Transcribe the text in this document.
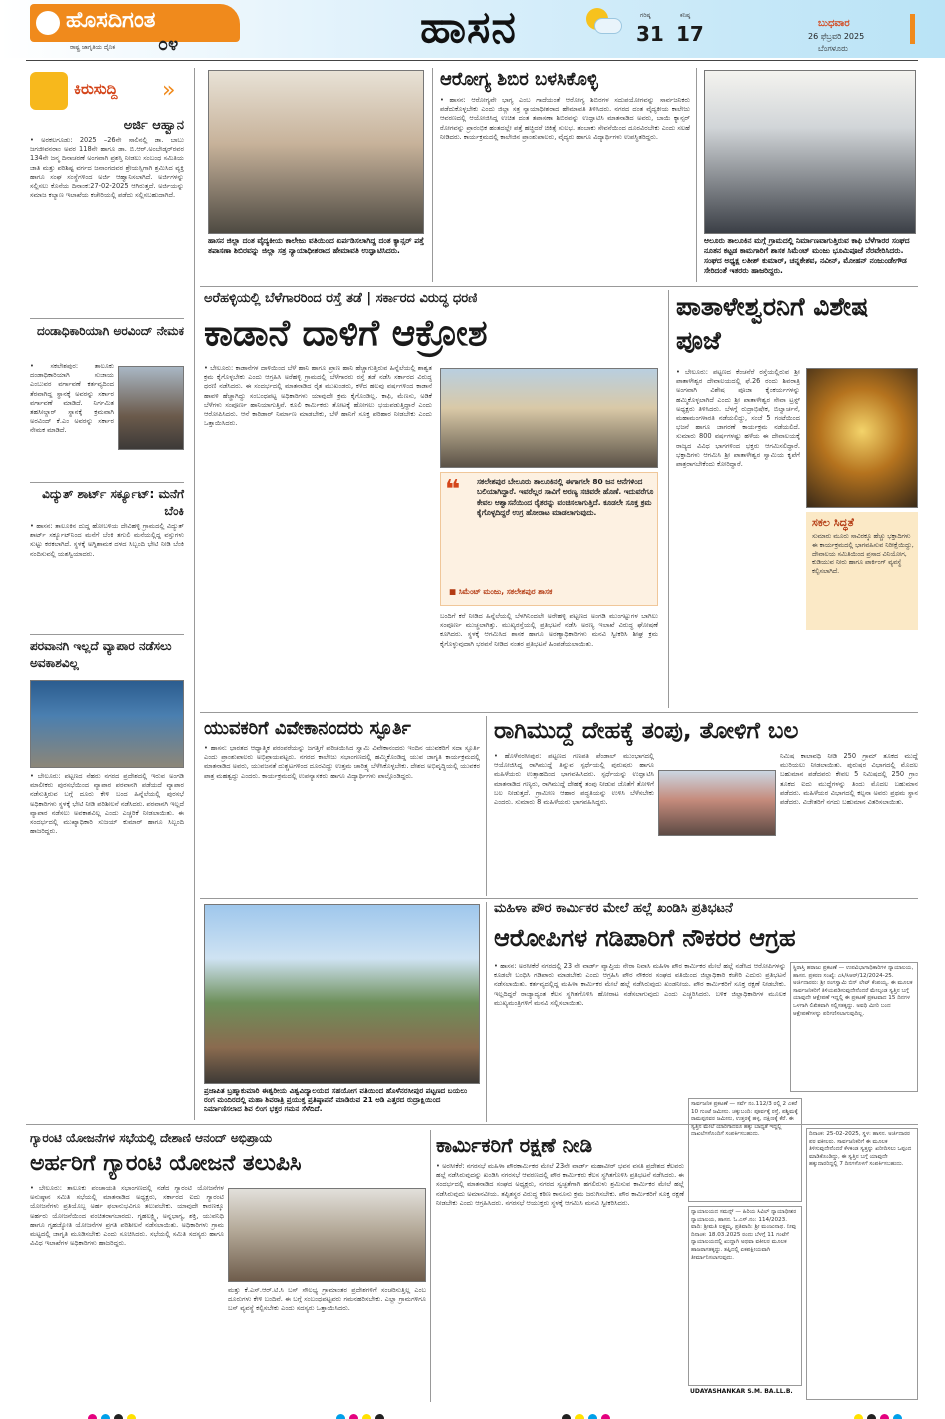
ಹೊಸದಿಗಂತ
ರಾಷ್ಟ್ರ ಜಾಗೃತಿಯ ದೈನಿಕ ೦೪	ಹಾಸನ	ಗರಿಷ್ಠ
31
ಕನಿಷ್ಠ
17	ಬುಧವಾರ
26 ಫೆಬ್ರವರಿ 2025
ಬೆಂಗಳೂರು
ಕಿರುಸುದ್ದಿ »
ಅರ್ಜಿ ಆಹ್ವಾನ
• ಅರಕಲಗೂಡು: 2025 –26ನೇ ಸಾಲಿನಲ್ಲಿ ಡಾ. ಬಾಬು ಜಗಜೀವನರಾಂ ಅವರ 118ನೇ ಹಾಗೂ ಡಾ. ಬಿ.ಆರ್.ಅಂಬೇಡ್ಕರ್‌ರವರ 134ನೇ ಜನ್ಮ ದಿನಾಚರಣೆ ಅಂಗವಾಗಿ ಪ್ರಶಸ್ತಿ ನೀಡಲು ಸಂಬಂಧ ಸಮಿತಿಯ ಜಾತಿ ಮತ್ತು ಪರಿಶಿಷ್ಟ ವರ್ಗದ ಜನಾಂಗದವರ ಶ್ರೇಯಸ್ಸಿಗಾಗಿ ಶ್ರಮಿಸಿದ ವ್ಯಕ್ತಿ ಹಾಗೂ ಸಂಘ ಸಂಸ್ಥೆಗಳಿಂದ ಅರ್ಜಿ ಆಹ್ವಾನಿಸಲಾಗಿದೆ. ಅರ್ಜಿಗಳನ್ನು ಸಲ್ಲಿಸಲು ಕೊನೆಯ ದಿನಾಂಕ:27-02-2025 ಆಗಿರುತ್ತದೆ. ಅರ್ಜಿಯನ್ನು ಸಮಾಜ ಕಲ್ಯಾಣ ಇಲಾಖೆಯ ಕಚೇರಿಯಲ್ಲಿ ಪಡೆದು ಸಲ್ಲಿಸಬಹುದಾಗಿದೆ.
ದಂಡಾಧಿಕಾರಿಯಾಗಿ ಅರವಿಂದ್ ನೇಮಕ
• ಸಕಲೇಶಪುರ: ತಾಲೂಕು ದಂಡಾಧಿಕಾರಿಯಾಗಿ ಸುಜಾಯ ಎಂಬುವರ ವರ್ಗಾವಣೆ ಕರ್ತವ್ಯದಿಂದ ತೆರವಾಗಿದ್ದ ಸ್ಥಾನಕ್ಕೆ ಅವರನ್ನು ಸರ್ಕಾರ ವರ್ಗಾವಣೆ ಮಾಡಿದೆ. ನಿರ್ಗಮಿತ ತಹಸೀಲ್ದಾರ್ ಸ್ಥಾನಕ್ಕೆ ಕ್ರಮವಾಗಿ ಅರವಿಂದ್ ಕೆ.ಎಂ ಅವರನ್ನು ಸರ್ಕಾರ ನೇಮಕ ಮಾಡಿದೆ.
ವಿದ್ಯುತ್ ಶಾರ್ಟ್ ಸರ್ಕ್ಯೂಟ್: ಮನೆಗೆ ಬೆಂಕಿ
• ಹಾಸನ: ತಾಲೂಕಿನ ದುದ್ದ ಹೋಬಳಿಯ ದೇವಿಹಳ್ಳಿ ಗ್ರಾಮದಲ್ಲಿ ವಿದ್ಯುತ್ ಶಾರ್ಟ್ ಸರ್ಕ್ಯೂಟ್‌ನಿಂದ ಮನೆಗೆ ಬೆಂಕಿ ತಗುಲಿ ಮನೆಯಲ್ಲಿದ್ದ ವಸ್ತುಗಳು ಸುಟ್ಟು ಕರಕಲಾಗಿದೆ. ಸ್ಥಳಕ್ಕೆ ಅಗ್ನಿಶಾಮಕ ದಳದ ಸಿಬ್ಬಂದಿ ಭೇಟಿ ನೀಡಿ ಬೆಂಕಿ ನಂದಿಸುವಲ್ಲಿ ಯಶಸ್ವಿಯಾದರು.
ಪರವಾನಗಿ ಇಲ್ಲದೆ ವ್ಯಾಪಾರ ನಡೆಸಲು ಅವಕಾಶವಿಲ್ಲ
• ಬೇಲೂರು: ಪಟ್ಟಣದ ನೆಹರು ನಗರದ ಪ್ರದೇಶದಲ್ಲಿ ಇರುವ ಅಂಗಡಿ ಮಾಲೀಕರು ಪುರಸಭೆಯಿಂದ ವ್ಯಾಪಾರ ಪರವಾನಗಿ ಪಡೆಯದೆ ವ್ಯಾಪಾರ ನಡೆಸುತ್ತಿರುವ ಬಗ್ಗೆ ದೂರು ಕೇಳಿ ಬಂದ ಹಿನ್ನೆಲೆಯಲ್ಲಿ ಪುರಸಭೆ ಅಧಿಕಾರಿಗಳು ಸ್ಥಳಕ್ಕೆ ಭೇಟಿ ನೀಡಿ ಪರಿಶೀಲನೆ ನಡೆಸಿದರು. ಪರವಾನಗಿ ಇಲ್ಲದೆ ವ್ಯಾಪಾರ ನಡೆಸಲು ಅವಕಾಶವಿಲ್ಲ ಎಂದು ಎಚ್ಚರಿಕೆ ನೀಡಲಾಯಿತು. ಈ ಸಂದರ್ಭದಲ್ಲಿ ಮುಖ್ಯಾಧಿಕಾರಿ ಸುಜಯ್ ಕುಮಾರ್ ಹಾಗೂ ಸಿಬ್ಬಂದಿ ಹಾಜರಿದ್ದರು.
ಹಾಸನ ಜಿಲ್ಲಾ ದಂತ ವೈದ್ಯಕೀಯ ಕಾಲೇಜು ವತಿಯಿಂದ ಏರ್ಪಡಿಸಲಾಗಿದ್ದ ದಂತ ಕ್ಯಾನ್ಸರ್ ಪತ್ತೆ ತಪಾಸಣಾ ಶಿಬಿರವನ್ನು ಜಿಲ್ಲಾ ಸತ್ರ ನ್ಯಾಯಾಧೀಶರಾದ ಹೇಮಾವತಿ ಉದ್ಘಾಟಿಸಿದರು.
ಆರೋಗ್ಯ ಶಿಬಿರ ಬಳಸಿಕೊಳ್ಳಿ
• ಹಾಸನ: ಆರೋಗ್ಯವೇ ಭಾಗ್ಯ ಎಂಬ ಗಾದೆಯಂತೆ ಆರೋಗ್ಯ ಶಿಬಿರಗಳ ಸದುಪಯೋಗವನ್ನು ಸಾರ್ವಜನಿಕರು ಪಡೆದುಕೊಳ್ಳಬೇಕು ಎಂದು ಜಿಲ್ಲಾ ಸತ್ರ ನ್ಯಾಯಾಧೀಶರಾದ ಹೇಮಾವತಿ ತಿಳಿಸಿದರು. ನಗರದ ದಂತ ವೈದ್ಯಕೀಯ ಕಾಲೇಜು ಆವರಣದಲ್ಲಿ ಆಯೋಜಿಸಿದ್ದ ಉಚಿತ ದಂತ ತಪಾಸಣಾ ಶಿಬಿರವನ್ನು ಉದ್ಘಾಟಿಸಿ ಮಾತನಾಡಿದ ಅವರು, ಬಾಯಿ ಕ್ಯಾನ್ಸರ್ ರೋಗವನ್ನು ಪ್ರಾರಂಭಿಕ ಹಂತದಲ್ಲೇ ಪತ್ತೆ ಹಚ್ಚಿದರೆ ಚಿಕಿತ್ಸೆ ಸುಲಭ. ತಂಬಾಕು ಸೇವನೆಯಿಂದ ದೂರವಿರಬೇಕು ಎಂದು ಸಲಹೆ ನೀಡಿದರು. ಕಾರ್ಯಕ್ರಮದಲ್ಲಿ ಕಾಲೇಜಿನ ಪ್ರಾಂಶುಪಾಲರು, ವೈದ್ಯರು ಹಾಗೂ ವಿದ್ಯಾರ್ಥಿಗಳು ಉಪಸ್ಥಿತರಿದ್ದರು.
ಆಲೂರು ತಾಲೂಕಿನ ಮಗ್ಗೆ ಗ್ರಾಮದಲ್ಲಿ ನಿರ್ಮಾಣವಾಗುತ್ತಿರುವ ಕಾಫಿ ಬೆಳೆಗಾರರ ಸಂಘದ ನೂತನ ಕಟ್ಟಡ ಕಾಮಗಾರಿಗೆ ಶಾಸಕ ಸಿಮೆಂಟ್ ಮಂಜು ಭೂಮಿಪೂಜೆ ನೆರವೇರಿಸಿದರು. ಸಂಘದ ಅಧ್ಯಕ್ಷ ಲತೀಶ್ ಕುಮಾರ್, ಚನ್ನಕೇಶವ, ನವೀನ್, ಮೋಹನ್ ನಂಜುಂಡೇಗೌಡ ಸೇರಿದಂತೆ ಇತರರು ಹಾಜರಿದ್ದರು.
ಅರೆಹಳ್ಳಿಯಲ್ಲಿ ಬೆಳೆಗಾರರಿಂದ ರಸ್ತೆ ತಡೆ | ಸರ್ಕಾರದ ವಿರುದ್ಧ ಧರಣಿ
ಕಾಡಾನೆ ದಾಳಿಗೆ ಆಕ್ರೋಶ
• ಬೇಲೂರು: ಕಾಡಾನೆಗಳ ದಾಳಿಯಿಂದ ಬೆಳೆ ಹಾನಿ ಹಾಗೂ ಪ್ರಾಣ ಹಾನಿ ಹೆಚ್ಚಾಗುತ್ತಿರುವ ಹಿನ್ನೆಲೆಯಲ್ಲಿ ಶಾಶ್ವತ ಕ್ರಮ ಕೈಗೊಳ್ಳಬೇಕು ಎಂದು ಆಗ್ರಹಿಸಿ ಅರೆಹಳ್ಳಿ ಗ್ರಾಮದಲ್ಲಿ ಬೆಳೆಗಾರರು ರಸ್ತೆ ತಡೆ ನಡೆಸಿ ಸರ್ಕಾರದ ವಿರುದ್ಧ ಧರಣಿ ನಡೆಸಿದರು. ಈ ಸಂದರ್ಭದಲ್ಲಿ ಮಾತನಾಡಿದ ರೈತ ಮುಖಂಡರು, ಕಳೆದ ಹಲವು ವರ್ಷಗಳಿಂದ ಕಾಡಾನೆ ಹಾವಳಿ ಹೆಚ್ಚಾಗಿದ್ದು ಸಂಬಂಧಪಟ್ಟ ಅಧಿಕಾರಿಗಳು ಯಾವುದೇ ಕ್ರಮ ಕೈಗೊಂಡಿಲ್ಲ. ಕಾಫಿ, ಮೆಣಸು, ಅಡಿಕೆ ಬೆಳೆಗಳು ಸಂಪೂರ್ಣ ಹಾನಿಯಾಗುತ್ತಿವೆ. ಕೂಲಿ ಕಾರ್ಮಿಕರು ತೋಟಕ್ಕೆ ಹೋಗಲು ಭಯಪಡುತ್ತಿದ್ದಾರೆ ಎಂದು ಆರೋಪಿಸಿದರು. ಆನೆ ಕಾರಿಡಾರ್ ನಿರ್ಮಾಣ ಮಾಡಬೇಕು, ಬೆಳೆ ಹಾನಿಗೆ ಸೂಕ್ತ ಪರಿಹಾರ ನೀಡಬೇಕು ಎಂದು ಒತ್ತಾಯಿಸಿದರು.
❝ ಸಕಲೇಶಪುರ ಬೇಲೂರು ತಾಲೂಕಿನಲ್ಲಿ ಈಗಾಗಲೇ 80 ಜನ ಆನೆಗಳಿಂದ ಬಲಿಯಾಗಿದ್ದಾರೆ. ಇವರೆಲ್ಲರ ಸಾವಿಗೆ ಅರಣ್ಯ ಸಚಿವರೇ ಹೊಣೆ. ಇದುವರೆಗೂ ಕೇವಲ ಆಶ್ವಾಸನೆಯಿಂದ ರೈತರನ್ನು ವಂಚಿಸಲಾಗುತ್ತಿದೆ. ಕೂಡಲೇ ಸೂಕ್ತ ಕ್ರಮ ಕೈಗೊಳ್ಳದಿದ್ದರೆ ಉಗ್ರ ಹೋರಾಟ ಮಾಡಲಾಗುವುದು.
■ ಸಿಮೆಂಟ್ ಮಂಜು, ಸಕಲೇಶಪುರ ಶಾಸಕ
ಬಂದಿಗೆ ಕರೆ ನೀಡಿದ ಹಿನ್ನೆಲೆಯಲ್ಲಿ ಬೆಳಗಿನಿಂದಲೇ ಅರೇಹಳ್ಳಿ ಪಟ್ಟಣದ ಅಂಗಡಿ ಮುಂಗಟ್ಟುಗಳ ಬಾಗಿಲು ಸಂಪೂರ್ಣ ಮುಚ್ಚಲಾಗಿತ್ತು. ಮುಖ್ಯರಸ್ತೆಯಲ್ಲಿ ಪ್ರತಿಭಟನೆ ನಡೆಸಿ ಅರಣ್ಯ ಇಲಾಖೆ ವಿರುದ್ಧ ಘೋಷಣೆ ಕೂಗಿದರು. ಸ್ಥಳಕ್ಕೆ ಆಗಮಿಸಿದ ಶಾಸಕ ಹಾಗೂ ಅರಣ್ಯಾಧಿಕಾರಿಗಳು ಮನವಿ ಸ್ವೀಕರಿಸಿ ಶೀಘ್ರ ಕ್ರಮ ಕೈಗೊಳ್ಳುವುದಾಗಿ ಭರವಸೆ ನೀಡಿದ ನಂತರ ಪ್ರತಿಭಟನೆ ಹಿಂಪಡೆಯಲಾಯಿತು.
ಪಾತಾಳೇಶ್ವರನಿಗೆ ವಿಶೇಷ ಪೂಜೆ
• ಬೇಲೂರು: ಪಟ್ಟಣದ ಕೆಂಚನೆರೆ ರಸ್ತೆಯಲ್ಲಿರುವ ಶ್ರೀ ಪಾತಾಳೇಶ್ವರ ದೇವಾಲಯದಲ್ಲಿ ಫೆ.26 ರಂದು ಶಿವರಾತ್ರಿ ಅಂಗವಾಗಿ ವಿಶೇಷ ಪೂಜಾ ಕೈಂಕರ್ಯಗಳನ್ನು ಹಮ್ಮಿಕೊಳ್ಳಲಾಗಿದೆ ಎಂದು ಶ್ರೀ ಪಾತಾಳೇಶ್ವರ ಸೇವಾ ಟ್ರಸ್ಟ್ ಅಧ್ಯಕ್ಷರು ತಿಳಿಸಿದರು. ಬೆಳಗ್ಗೆ ರುದ್ರಾಭಿಷೇಕ, ಬಿಲ್ವಾರ್ಚನೆ, ಮಹಾಮಂಗಳಾರತಿ ನಡೆಯಲಿದ್ದು, ಸಂಜೆ 5 ಗಂಟೆಯಿಂದ ಭಜನೆ ಹಾಗೂ ಜಾಗರಣೆ ಕಾರ್ಯಕ್ರಮ ನಡೆಯಲಿದೆ. ಸುಮಾರು 800 ವರ್ಷಗಳಷ್ಟು ಹಳೆಯ ಈ ದೇವಾಲಯಕ್ಕೆ ರಾಜ್ಯದ ವಿವಿಧ ಭಾಗಗಳಿಂದ ಭಕ್ತರು ಆಗಮಿಸಲಿದ್ದಾರೆ. ಭಕ್ತಾದಿಗಳು ಆಗಮಿಸಿ ಶ್ರೀ ಪಾತಾಳೇಶ್ವರ ಸ್ವಾಮಿಯ ಕೃಪೆಗೆ ಪಾತ್ರರಾಗಬೇಕೆಂದು ಕೋರಿದ್ದಾರೆ.
ಸಕಲ ಸಿದ್ಧತೆ
ಸುಮಾರು ಮೂರು ಸಾವಿರಕ್ಕೂ ಹೆಚ್ಚು ಭಕ್ತಾದಿಗಳು ಈ ಕಾರ್ಯಕ್ರಮದಲ್ಲಿ ಭಾಗವಹಿಸುವ ನಿರೀಕ್ಷೆಯಿದ್ದು, ದೇವಾಲಯ ಸಮಿತಿಯಿಂದ ಪ್ರಸಾದ ವಿನಿಯೋಗ, ಕುಡಿಯುವ ನೀರು ಹಾಗೂ ಪಾರ್ಕಿಂಗ್ ವ್ಯವಸ್ಥೆ ಕಲ್ಪಿಸಲಾಗಿದೆ.
ಯುವಕರಿಗೆ ವಿವೇಕಾನಂದರು ಸ್ಫೂರ್ತಿ
• ಹಾಸನ: ಭಾರತದ ಆಧ್ಯಾತ್ಮಿಕ ಪರಂಪರೆಯನ್ನು ಜಗತ್ತಿಗೆ ಪರಿಚಯಿಸಿದ ಸ್ವಾಮಿ ವಿವೇಕಾನಂದರು ಇಂದಿನ ಯುವಕರಿಗೆ ಸದಾ ಸ್ಫೂರ್ತಿ ಎಂದು ಪ್ರಾಂಶುಪಾಲರು ಅಭಿಪ್ರಾಯಪಟ್ಟರು. ನಗರದ ಕಾಲೇಜು ಸಭಾಂಗಣದಲ್ಲಿ ಹಮ್ಮಿಕೊಂಡಿದ್ದ ಯುವ ಜಾಗೃತಿ ಕಾರ್ಯಕ್ರಮದಲ್ಲಿ ಮಾತನಾಡಿದ ಅವರು, ಯುವಜನತೆ ದುಶ್ಚಟಗಳಿಂದ ದೂರವಿದ್ದು ಉತ್ತಮ ಚಾರಿತ್ರ್ಯ ಬೆಳೆಸಿಕೊಳ್ಳಬೇಕು. ದೇಶದ ಅಭಿವೃದ್ಧಿಯಲ್ಲಿ ಯುವಕರ ಪಾತ್ರ ಮಹತ್ವದ್ದು ಎಂದರು. ಕಾರ್ಯಕ್ರಮದಲ್ಲಿ ಉಪನ್ಯಾಸಕರು ಹಾಗೂ ವಿದ್ಯಾರ್ಥಿಗಳು ಪಾಲ್ಗೊಂಡಿದ್ದರು.
ರಾಗಿಮುದ್ದೆ ದೇಹಕ್ಕೆ ತಂಪು, ತೋಳಿಗೆ ಬಲ
• ಹೊಳೆನರಸೀಪುರ: ಪಟ್ಟಣದ ಗಣಪತಿ ಪೆಂಡಾಲ್ ಮುಂಭಾಗದಲ್ಲಿ ಆಯೋಜಿಸಿದ್ದ ರಾಗಿಮುದ್ದೆ ತಿನ್ನುವ ಸ್ಪರ್ಧೆಯಲ್ಲಿ ಪುರುಷರು ಹಾಗೂ ಮಹಿಳೆಯರು ಉತ್ಸಾಹದಿಂದ ಭಾಗವಹಿಸಿದರು. ಸ್ಪರ್ಧೆಯನ್ನು ಉದ್ಘಾಟಿಸಿ ಮಾತನಾಡಿದ ಗಣ್ಯರು, ರಾಗಿಮುದ್ದೆ ದೇಹಕ್ಕೆ ತಂಪು ನೀಡುವ ಜೊತೆಗೆ ತೋಳಿಗೆ ಬಲ ನೀಡುತ್ತದೆ. ಗ್ರಾಮೀಣ ಆಹಾರ ಪದ್ಧತಿಯನ್ನು ಉಳಿಸಿ ಬೆಳೆಸಬೇಕು ಎಂದರು. ಸುಮಾರು 8 ಮಹಿಳೆಯರು ಭಾಗವಹಿಸಿದ್ದರು.
ನಿಮಿಷ ಕಾಲಾವಧಿ ನೀಡಿ 250 ಗ್ರಾಮ್ ತೂಕದ ಮುದ್ದೆ ಮುರಿಯಲು ನೀಡಲಾಯಿತು. ಪುರುಷರ ವಿಭಾಗದಲ್ಲಿ ಮೊದಲ ಬಹುಮಾನ ಪಡೆದವರು ಕೇವಲ 5 ನಿಮಿಷದಲ್ಲಿ 250 ಗ್ರಾಂ ತೂಕದ ಐದು ಮುದ್ದೆಗಳನ್ನು ತಿಂದು ಮೊದಲ ಬಹುಮಾನ ಪಡೆದರು. ಮಹಿಳೆಯರ ವಿಭಾಗದಲ್ಲಿ ಕಲ್ಪನಾ ಅವರು ಪ್ರಥಮ ಸ್ಥಾನ ಪಡೆದರು. ವಿಜೇತರಿಗೆ ನಗದು ಬಹುಮಾನ ವಿತರಿಸಲಾಯಿತು.
ಪ್ರಜಾಪಿತ ಬ್ರಹ್ಮಾಕುಮಾರಿ ಈಶ್ವರೀಯ ವಿಶ್ವವಿದ್ಯಾಲಯದ ಸಹಯೋಗ ವತಿಯಿಂದ ಹೊಳೆನರಸೀಪುರ ಪಟ್ಟಣದ ಬಯಲು ರಂಗ ಮಂದಿರದಲ್ಲಿ ಮಹಾ ಶಿವರಾತ್ರಿ ಪ್ರಯುಕ್ತ ಪ್ರತಿಷ್ಠಾಪನೆ ಮಾಡಿರುವ 21 ಅಡಿ ಎತ್ತರದ ರುದ್ರಾಕ್ಷಿಯಿಂದ ನಿರ್ಮಾಣಿಸಲಾದ ಶಿವ ಲಿಂಗ ಭಕ್ತರ ಗಮನ ಸೆಳೆದಿದೆ.
ಮಹಿಳಾ ಪೌರ ಕಾರ್ಮಿಕರ ಮೇಲೆ ಹಲ್ಲೆ ಖಂಡಿಸಿ ಪ್ರತಿಭಟನೆ
ಆರೋಪಿಗಳ ಗಡಿಪಾರಿಗೆ ನೌಕರರ ಆಗ್ರಹ
• ಹಾಸನ: ಅರಸೀಕೆರೆ ನಗರದಲ್ಲಿ 23 ನೇ ವಾರ್ಡ್ ವ್ಯಾಪ್ತಿಯ ನೇರಾ ನಿವಾಸಿ ಮಹಿಳಾ ಪೌರ ಕಾರ್ಮಿಕರ ಮೇಲೆ ಹಲ್ಲೆ ನಡೆಸಿದ ಆರೋಪಿಗಳನ್ನು ಕೂಡಲೇ ಬಂಧಿಸಿ ಗಡಿಪಾರು ಮಾಡಬೇಕು ಎಂದು ಆಗ್ರಹಿಸಿ ಪೌರ ನೌಕರರ ಸಂಘದ ವತಿಯಿಂದ ಜಿಲ್ಲಾಧಿಕಾರಿ ಕಚೇರಿ ಎದುರು ಪ್ರತಿಭಟನೆ ನಡೆಸಲಾಯಿತು. ಕರ್ತವ್ಯದಲ್ಲಿದ್ದ ಮಹಿಳಾ ಕಾರ್ಮಿಕರ ಮೇಲೆ ಹಲ್ಲೆ ನಡೆಸಿರುವುದು ಖಂಡನೀಯ. ಪೌರ ಕಾರ್ಮಿಕರಿಗೆ ಸೂಕ್ತ ರಕ್ಷಣೆ ನೀಡಬೇಕು. ಇಲ್ಲದಿದ್ದರೆ ರಾಜ್ಯಾದ್ಯಂತ ಕೆಲಸ ಸ್ಥಗಿತಗೊಳಿಸಿ ಹೋರಾಟ ನಡೆಸಲಾಗುವುದು ಎಂದು ಎಚ್ಚರಿಸಿದರು. ಬಳಿಕ ಜಿಲ್ಲಾಧಿಕಾರಿಗಳ ಮೂಲಕ ಮುಖ್ಯಮಂತ್ರಿಗಳಿಗೆ ಮನವಿ ಸಲ್ಲಿಸಲಾಯಿತು.
ಸ್ಥಿರಾಸ್ತಿ ಹರಾಜು ಪ್ರಕಟಣೆ — ಉಪವಿಭಾಗಾಧಿಕಾರಿಗಳ ನ್ಯಾಯಾಲಯ, ಹಾಸನ. ಪ್ರಕರಣ ಸಂಖ್ಯೆ: ಎಸಿ/ಸಿಆರ್/12/2024-25. ಅರ್ಜಿದಾರರು: ಶ್ರೀ ರಂಗಸ್ವಾಮಿ ಬಿನ್ ಲೇಟ್ ಕೆಂಪಯ್ಯ. ಈ ಮೂಲಕ ಸಾರ್ವಜನಿಕರಿಗೆ ತಿಳಿಯಪಡಿಸುವುದೇನೆಂದರೆ ಮೇಲ್ಕಂಡ ಸ್ವತ್ತಿನ ಬಗ್ಗೆ ಯಾವುದೇ ಆಕ್ಷೇಪಣೆ ಇದ್ದಲ್ಲಿ ಈ ಪ್ರಕಟಣೆ ಪ್ರಕಟವಾದ 15 ದಿನಗಳ ಒಳಗಾಗಿ ಲಿಖಿತವಾಗಿ ಸಲ್ಲಿಸತಕ್ಕದ್ದು. ಅವಧಿ ಮೀರಿ ಬಂದ ಆಕ್ಷೇಪಣೆಗಳನ್ನು ಪರಿಗಣಿಸಲಾಗುವುದಿಲ್ಲ.
ಗ್ಯಾರಂಟಿ ಯೋಜನೆಗಳ ಸಭೆಯಲ್ಲಿ ದೇಶಾಣಿ ಆನಂದ್ ಅಭಿಪ್ರಾಯ
ಅರ್ಹರಿಗೆ ಗ್ಯಾರಂಟಿ ಯೋಜನೆ ತಲುಪಿಸಿ
• ಬೇಲೂರು: ತಾಲೂಕು ಪಂಚಾಯತಿ ಸಭಾಂಗಣದಲ್ಲಿ ನಡೆದ ಗ್ಯಾರಂಟಿ ಯೋಜನೆಗಳ ಅನುಷ್ಠಾನ ಸಮಿತಿ ಸಭೆಯಲ್ಲಿ ಮಾತನಾಡಿದ ಅಧ್ಯಕ್ಷರು, ಸರ್ಕಾರದ ಐದು ಗ್ಯಾರಂಟಿ ಯೋಜನೆಗಳು ಪ್ರತಿಯೊಬ್ಬ ಅರ್ಹ ಫಲಾನುಭವಿಗೂ ತಲುಪಬೇಕು. ಯಾವುದೇ ಕಾರಣಕ್ಕೂ ಅರ್ಹರು ಯೋಜನೆಯಿಂದ ವಂಚಿತರಾಗಬಾರದು. ಗೃಹಲಕ್ಷ್ಮಿ, ಅನ್ನಭಾಗ್ಯ, ಶಕ್ತಿ, ಯುವನಿಧಿ ಹಾಗೂ ಗೃಹಜ್ಯೋತಿ ಯೋಜನೆಗಳ ಪ್ರಗತಿ ಪರಿಶೀಲನೆ ನಡೆಸಲಾಯಿತು. ಅಧಿಕಾರಿಗಳು ಗ್ರಾಮ ಮಟ್ಟದಲ್ಲಿ ಜಾಗೃತಿ ಮೂಡಿಸಬೇಕು ಎಂದು ಸೂಚಿಸಿದರು. ಸಭೆಯಲ್ಲಿ ಸಮಿತಿ ಸದಸ್ಯರು ಹಾಗೂ ವಿವಿಧ ಇಲಾಖೆಗಳ ಅಧಿಕಾರಿಗಳು ಹಾಜರಿದ್ದರು.
ಮತ್ತು ಕೆ.ಎಸ್.ಆರ್.ಟಿ.ಸಿ ಬಸ್ ಸೌಲಭ್ಯ ಗ್ರಾಮಾಂತರ ಪ್ರದೇಶಗಳಿಗೆ ಸಂಚರಿಸುತ್ತಿಲ್ಲ ಎಂಬ ದೂರುಗಳು ಕೇಳಿ ಬಂದಿವೆ. ಈ ಬಗ್ಗೆ ಸಂಬಂಧಪಟ್ಟವರು ಗಮನಹರಿಸಬೇಕು. ಎಲ್ಲಾ ಗ್ರಾಮಗಳಿಗೂ ಬಸ್ ವ್ಯವಸ್ಥೆ ಕಲ್ಪಿಸಬೇಕು ಎಂದು ಸದಸ್ಯರು ಒತ್ತಾಯಿಸಿದರು.
ಕಾರ್ಮಿಕರಿಗೆ ರಕ್ಷಣೆ ನೀಡಿ
• ಅರಸೀಕೆರೆ: ನಗರಸಭೆ ಮಹಿಳಾ ಪೌರಕಾರ್ಮಿಕರ ಮೇಲೆ 23ನೇ ವಾರ್ಡ್ ಮಹಾವೀರ್ ಭವನ ವಸತಿ ಪ್ರದೇಶದ ಕೆಲವರು ಹಲ್ಲೆ ನಡೆಸಿರುವುದನ್ನು ಖಂಡಿಸಿ ನಗರಸಭೆ ಆವರಣದಲ್ಲಿ ಪೌರ ಕಾರ್ಮಿಕರು ಕೆಲಸ ಸ್ಥಗಿತಗೊಳಿಸಿ ಪ್ರತಿಭಟನೆ ನಡೆಸಿದರು. ಈ ಸಂದರ್ಭದಲ್ಲಿ ಮಾತನಾಡಿದ ಸಂಘದ ಅಧ್ಯಕ್ಷರು, ನಗರದ ಸ್ವಚ್ಛತೆಗಾಗಿ ಹಗಲಿರುಳು ಶ್ರಮಿಸುವ ಕಾರ್ಮಿಕರ ಮೇಲೆ ಹಲ್ಲೆ ನಡೆಸಿರುವುದು ಅಮಾನವೀಯ. ತಪ್ಪಿತಸ್ಥರ ವಿರುದ್ಧ ಕಠಿಣ ಕಾನೂನು ಕ್ರಮ ಜರುಗಿಸಬೇಕು. ಪೌರ ಕಾರ್ಮಿಕರಿಗೆ ಸೂಕ್ತ ರಕ್ಷಣೆ ನೀಡಬೇಕು ಎಂದು ಆಗ್ರಹಿಸಿದರು. ನಗರಸಭೆ ಆಯುಕ್ತರು ಸ್ಥಳಕ್ಕೆ ಆಗಮಿಸಿ ಮನವಿ ಸ್ವೀಕರಿಸಿದರು.
ಸಾರ್ವಜನಿಕ ಪ್ರಕಟಣೆ — ಸರ್ವೆ ನಂ.112/3 ರಲ್ಲಿ 2 ಎಕರೆ 10 ಗುಂಟೆ ಜಮೀನು. ಚಕ್ಕುಬಂದಿ: ಪೂರ್ವಕ್ಕೆ ರಸ್ತೆ, ಪಶ್ಚಿಮಕ್ಕೆ ರಾಮಪ್ಪನವರ ಜಮೀನು, ಉತ್ತರಕ್ಕೆ ಹಳ್ಳ, ದಕ್ಷಿಣಕ್ಕೆ ಕೆರೆ. ಈ ಸ್ವತ್ತಿನ ಮೇಲೆ ಯಾರಿಗಾದರೂ ಹಕ್ಕು ಬಾಧ್ಯತೆ ಇದ್ದಲ್ಲಿ ದಾಖಲೆಗಳೊಂದಿಗೆ ಸಂಪರ್ಕಿಸಬಹುದು.
ನ್ಯಾಯಾಲಯದ ಸಮನ್ಸ್ — ಹಿರಿಯ ಸಿವಿಲ್ ನ್ಯಾಯಾಧೀಶರ ನ್ಯಾಯಾಲಯ, ಹಾಸನ. ಓ.ಎಸ್.ನಂ: 114/2023. ವಾದಿ: ಶ್ರೀಮತಿ ಲಕ್ಷ್ಮಮ್ಮ. ಪ್ರತಿವಾದಿ: ಶ್ರೀ ಮಂಜುನಾಥ. ನೀವು ದಿನಾಂಕ: 18.03.2025 ರಂದು ಬೆಳಗ್ಗೆ 11 ಗಂಟೆಗೆ ನ್ಯಾಯಾಲಯದಲ್ಲಿ ಖುದ್ದಾಗಿ ಅಥವಾ ವಕೀಲರ ಮೂಲಕ ಹಾಜರಾಗತಕ್ಕದ್ದು. ತಪ್ಪಿದಲ್ಲಿ ಏಕಪಕ್ಷೀಯವಾಗಿ ತೀರ್ಮಾನಿಸಲಾಗುವುದು.
UDAYASHANKAR S.M. BA.LL.B.
ದಿನಾಂಕ: 25-02-2025, ಸ್ಥಳ: ಹಾಸನ. ಅರ್ಜಿದಾರರ ಪರ ವಕೀಲರು. ಸಾರ್ವಜನಿಕರಿಗೆ ಈ ಮೂಲಕ ತಿಳಿಸುವುದೇನೆಂದರೆ ಕೆಳಕಂಡ ಸ್ವತ್ತನ್ನು ಖರೀದಿಸಲು ಒಪ್ಪಂದ ಮಾಡಿಕೊಂಡಿದ್ದು, ಈ ಸ್ವತ್ತಿನ ಬಗ್ಗೆ ಯಾವುದೇ ಹಕ್ಕುದಾರರಿದ್ದಲ್ಲಿ 7 ದಿನಗಳೊಳಗೆ ಸಂಪರ್ಕಿಸಬಹುದು.
